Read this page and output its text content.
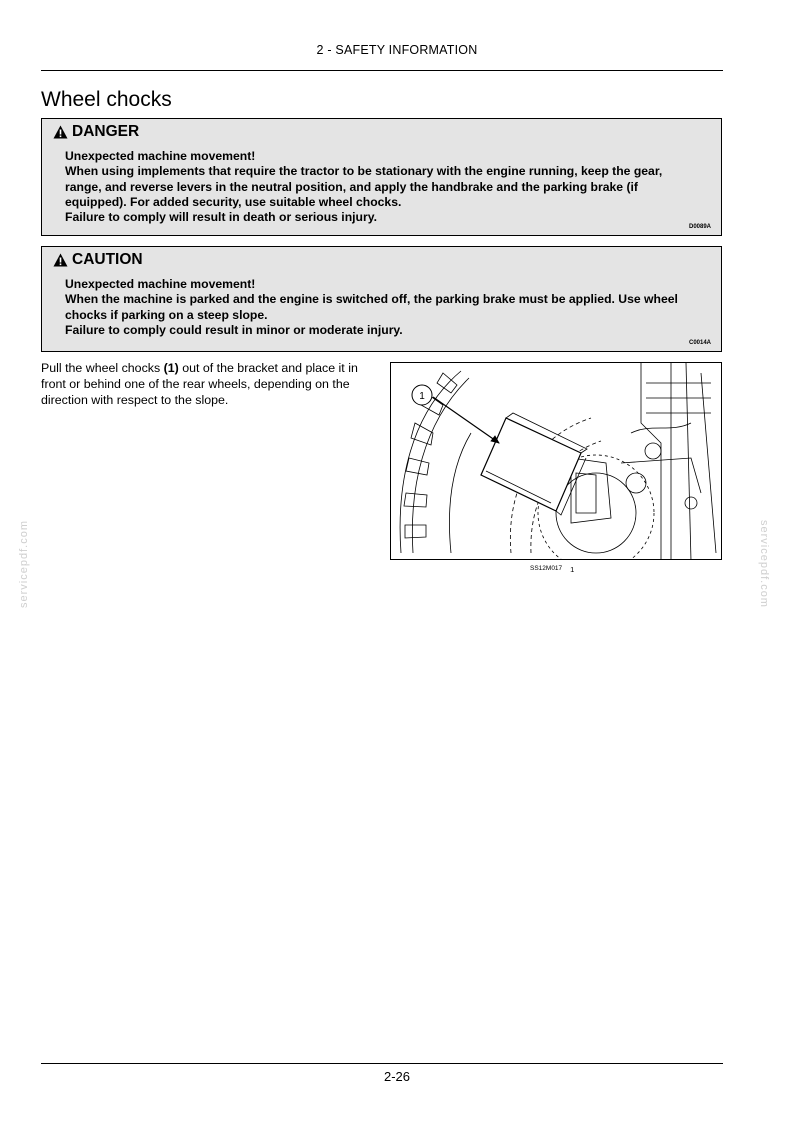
2 - SAFETY INFORMATION
Wheel chocks
DANGER

Unexpected machine movement!

When using implements that require the tractor to be stationary with the engine running, keep the gear, range, and reverse levers in the neutral position, and apply the handbrake and the parking brake (if equipped). For added security, use suitable wheel chocks.

Failure to comply will result in death or serious injury.

D0089A
CAUTION

Unexpected machine movement!

When the machine is parked and the engine is switched off, the parking brake must be applied. Use wheel chocks if parking on a steep slope.

Failure to comply could result in minor or moderate injury.

C0014A
Pull the wheel chocks (1) out of the bracket and place it in front or behind one of the rear wheels, depending on the direction with respect to the slope.	1
SS12M017 1
servicepdf.com	servicepdf.com
2-26
